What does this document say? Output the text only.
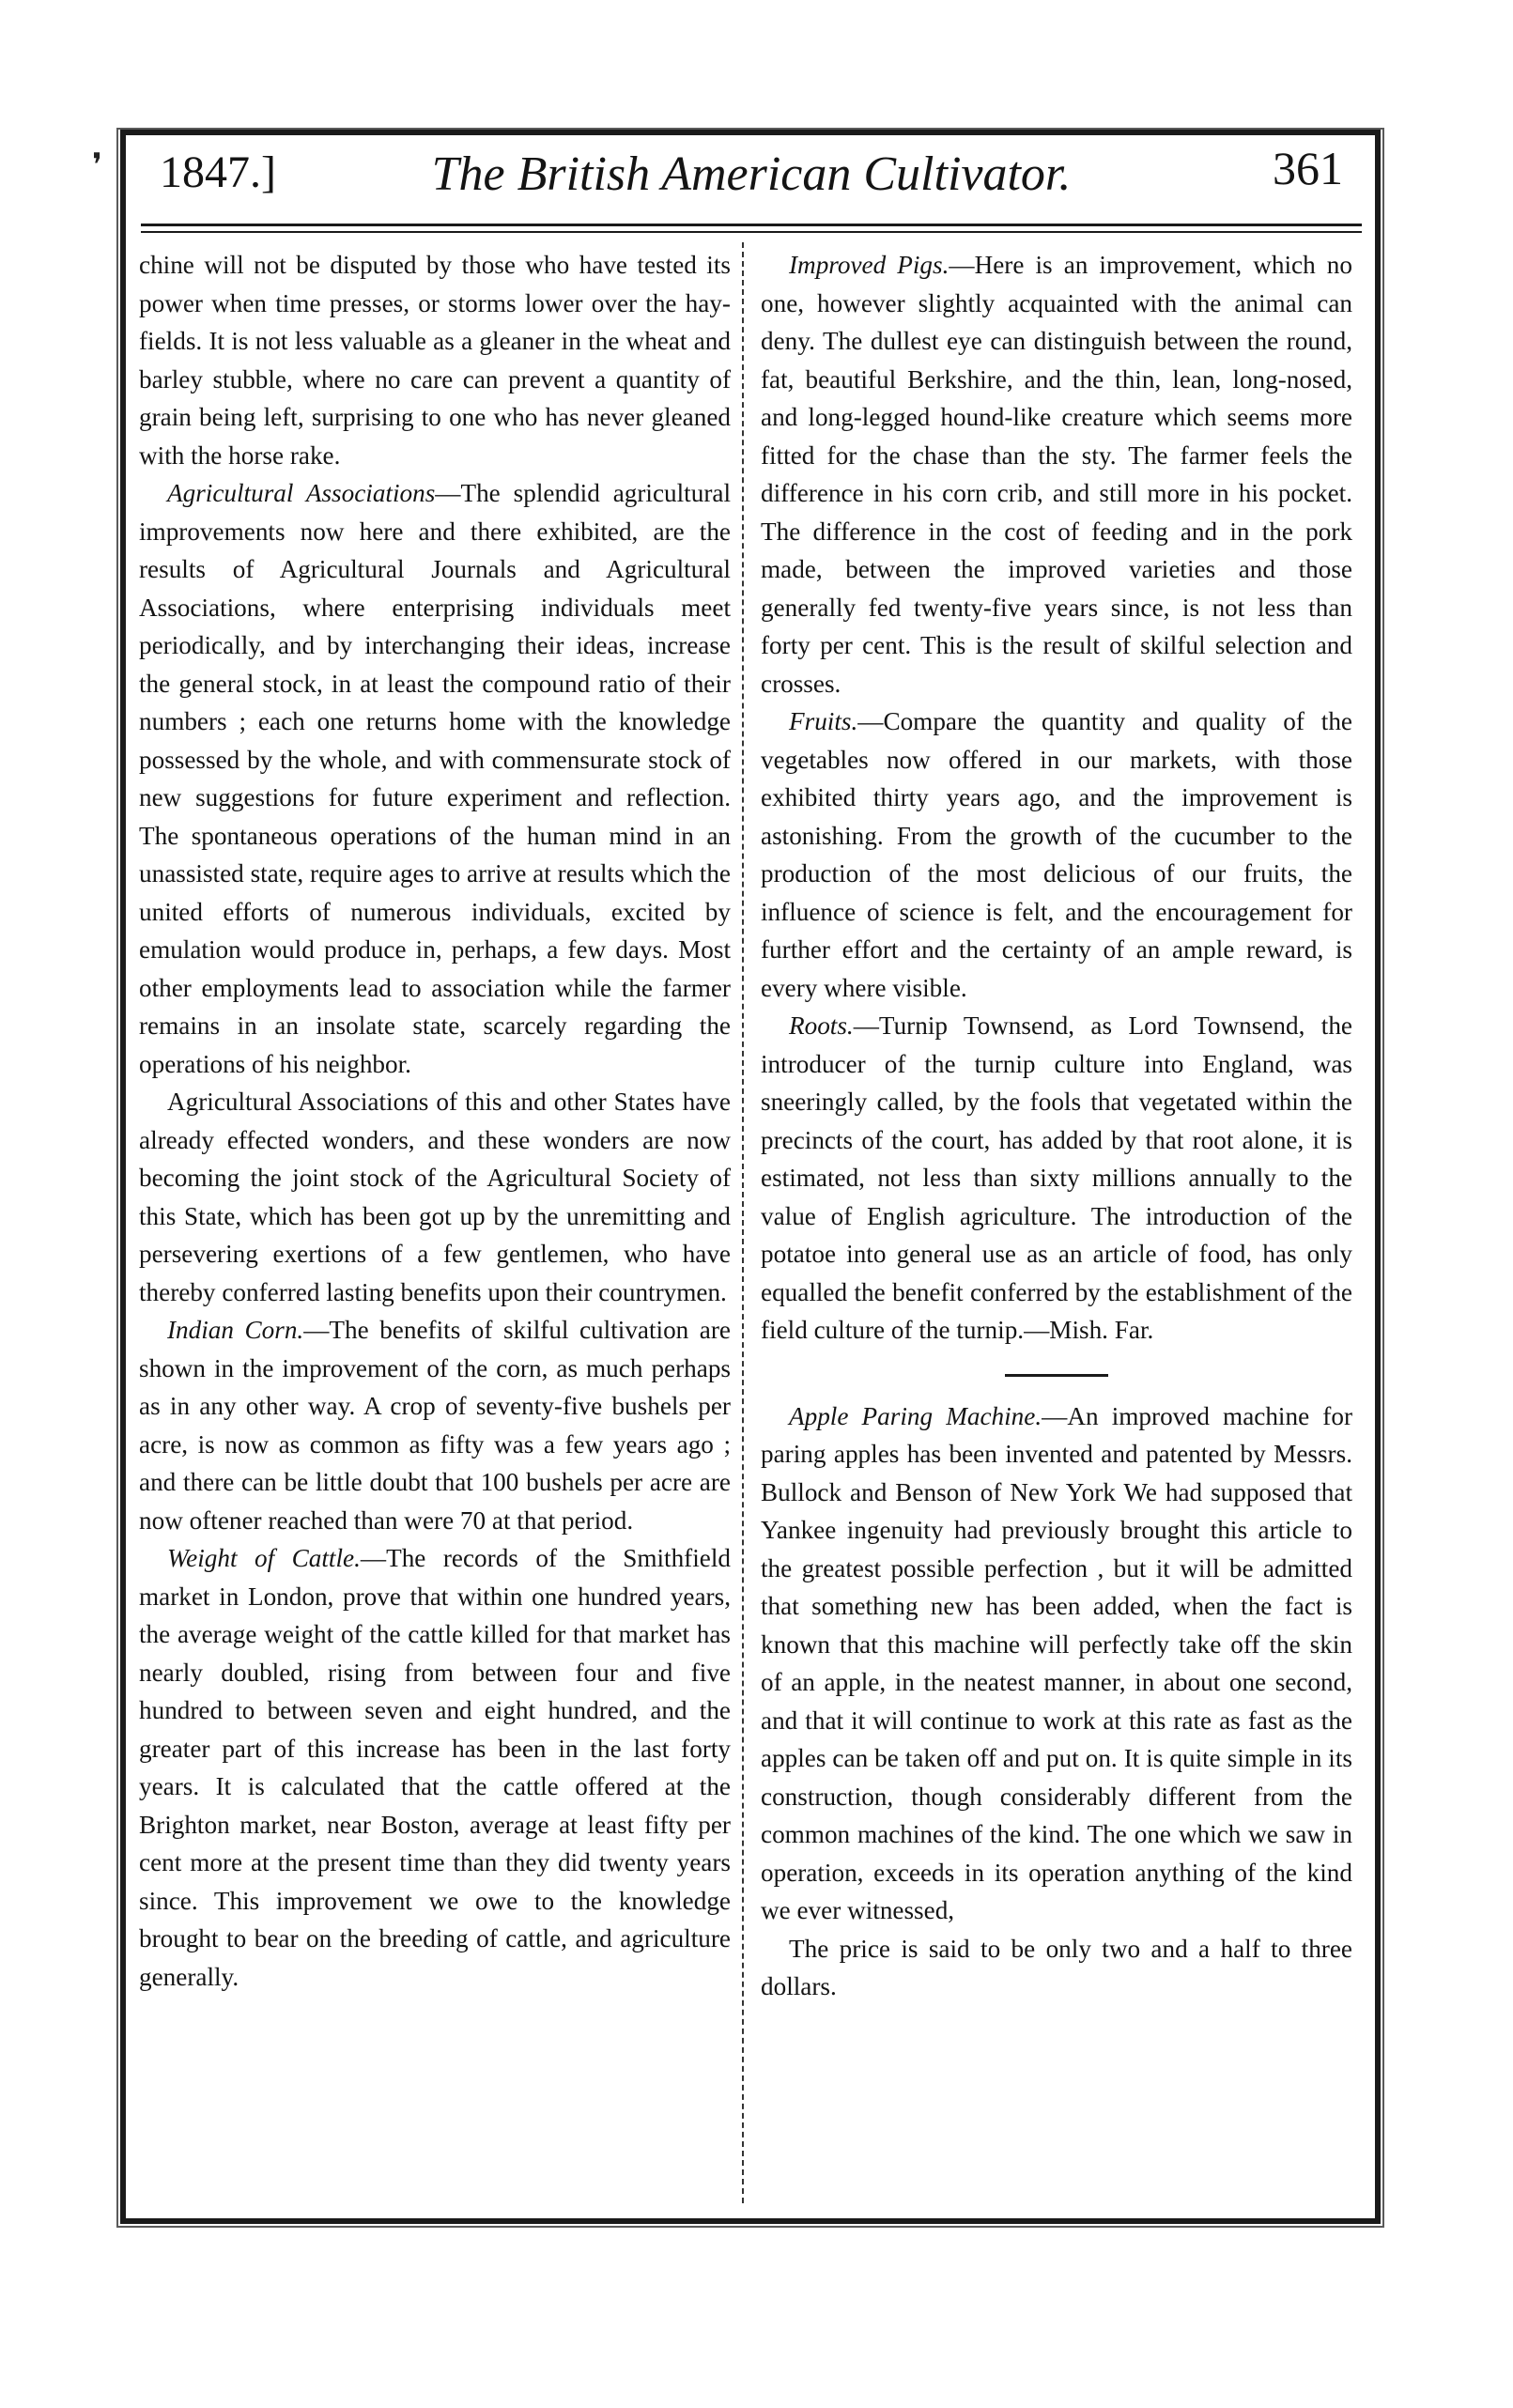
❜ 1847.]	The British American Cultivator.	361

chine will not be disputed by those who have tested its power when time presses, or storms lower over the hay-fields. It is not less valuable as a gleaner in the wheat and barley stubble, where no care can prevent a quantity of grain being left, surprising to one who has never gleaned with the horse rake.

Agricultural Associations—The splendid agricultural improvements now here and there exhibited, are the results of Agricultural Journals and Agricultural Associations, where enterprising individuals meet periodically, and by interchanging their ideas, increase the general stock, in at least the compound ratio of their numbers ; each one returns home with the knowledge possessed by the whole, and with commensurate stock of new suggestions for future experiment and reflection. The spontaneous operations of the human mind in an unassisted state, require ages to arrive at results which the united efforts of numerous individuals, excited by emulation would produce in, perhaps, a few days. Most other employments lead to association while the farmer remains in an insolate state, scarcely regarding the operations of his neighbor.

Agricultural Associations of this and other States have already effected wonders, and these wonders are now becoming the joint stock of the Agricultural Society of this State, which has been got up by the unremitting and persevering exertions of a few gentlemen, who have thereby conferred lasting benefits upon their countrymen.

Indian Corn.—The benefits of skilful cultivation are shown in the improvement of the corn, as much perhaps as in any other way. A crop of seventy-five bushels per acre, is now as common as fifty was a few years ago ; and there can be little doubt that 100 bushels per acre are now oftener reached than were 70 at that period.

Weight of Cattle.—The records of the Smithfield market in London, prove that within one hundred years, the average weight of the cattle killed for that market has nearly doubled, rising from between four and five hundred to between seven and eight hundred, and the greater part of this increase has been in the last forty years. It is calculated that the cattle offered at the Brighton market, near Boston, average at least fifty per cent more at the present time than they did twenty years since. This improvement we owe to the knowledge brought to bear on the breeding of cattle, and agriculture generally.

Improved Pigs.—Here is an improvement, which no one, however slightly acquainted with the animal can deny. The dullest eye can distinguish between the round, fat, beautiful Berkshire, and the thin, lean, long-nosed, and long-legged hound-like creature which seems more fitted for the chase than the sty. The farmer feels the difference in his corn crib, and still more in his pocket. The difference in the cost of feeding and in the pork made, between the improved varieties and those generally fed twenty-five years since, is not less than forty per cent. This is the result of skilful selection and crosses.

Fruits.—Compare the quantity and quality of the vegetables now offered in our markets, with those exhibited thirty years ago, and the improvement is astonishing. From the growth of the cucumber to the production of the most delicious of our fruits, the influence of science is felt, and the encouragement for further effort and the certainty of an ample reward, is every where visible.

Roots.—Turnip Townsend, as Lord Townsend, the introducer of the turnip culture into England, was sneeringly called, by the fools that vegetated within the precincts of the court, has added by that root alone, it is estimated, not less than sixty millions annually to the value of English agriculture. The introduction of the potatoe into general use as an article of food, has only equalled the benefit conferred by the establishment of the field culture of the turnip.—Mish. Far.

Apple Paring Machine.—An improved machine for paring apples has been invented and patented by Messrs. Bullock and Benson of New York We had supposed that Yankee ingenuity had previously brought this article to the greatest possible perfection , but it will be admitted that something new has been added, when the fact is known that this machine will perfectly take off the skin of an apple, in the neatest manner, in about one second, and that it will continue to work at this rate as fast as the apples can be taken off and put on. It is quite simple in its construction, though considerably different from the common machines of the kind. The one which we saw in operation, exceeds in its operation anything of the kind we ever witnessed,

The price is said to be only two and a half to three dollars.
